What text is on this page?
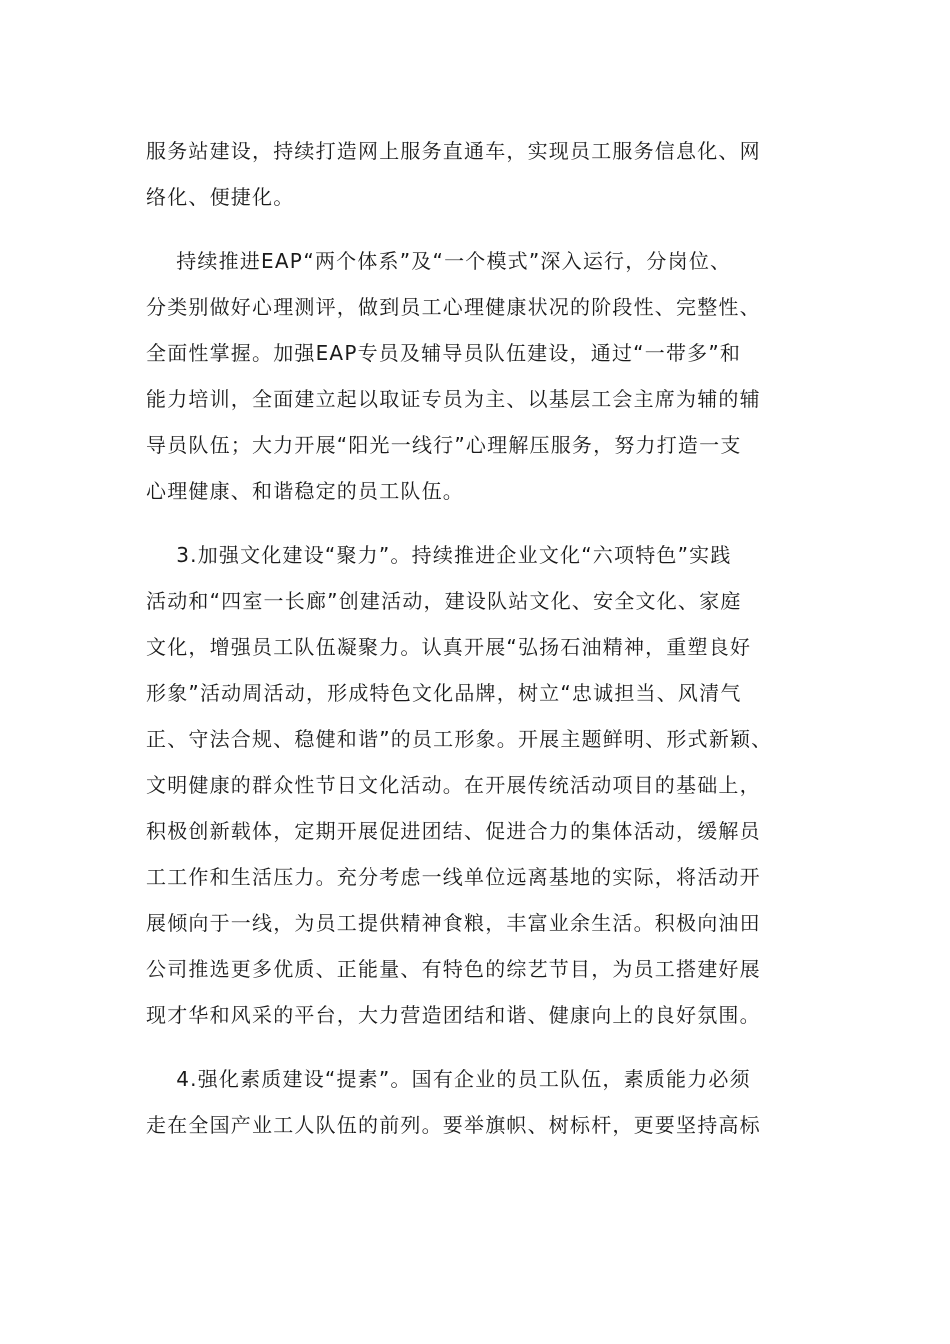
服务站建设，持续打造网上服务直通车，实现员工服务信息化、网
络化、便捷化。
持续推进EAP“两个体系”及“一个模式”深入运行，分岗位、
分类别做好心理测评，做到员工心理健康状况的阶段性、完整性、
全面性掌握。加强EAP专员及辅导员队伍建设，通过“一带多”和
能力培训，全面建立起以取证专员为主、以基层工会主席为辅的辅
导员队伍；大力开展“阳光一线行”心理解压服务，努力打造一支
心理健康、和谐稳定的员工队伍。
3.加强文化建设“聚力”。持续推进企业文化“六项特色”实践
活动和“四室一长廊”创建活动，建设队站文化、安全文化、家庭
文化，增强员工队伍凝聚力。认真开展“弘扬石油精神，重塑良好
形象”活动周活动，形成特色文化品牌，树立“忠诚担当、风清气
正、守法合规、稳健和谐”的员工形象。开展主题鲜明、形式新颖、
文明健康的群众性节日文化活动。在开展传统活动项目的基础上，
积极创新载体，定期开展促进团结、促进合力的集体活动，缓解员
工工作和生活压力。充分考虑一线单位远离基地的实际，将活动开
展倾向于一线，为员工提供精神食粮，丰富业余生活。积极向油田
公司推选更多优质、正能量、有特色的综艺节目，为员工搭建好展
现才华和风采的平台，大力营造团结和谐、健康向上的良好氛围。
4.强化素质建设“提素”。国有企业的员工队伍，素质能力必须
走在全国产业工人队伍的前列。要举旗帜、树标杆，更要坚持高标
